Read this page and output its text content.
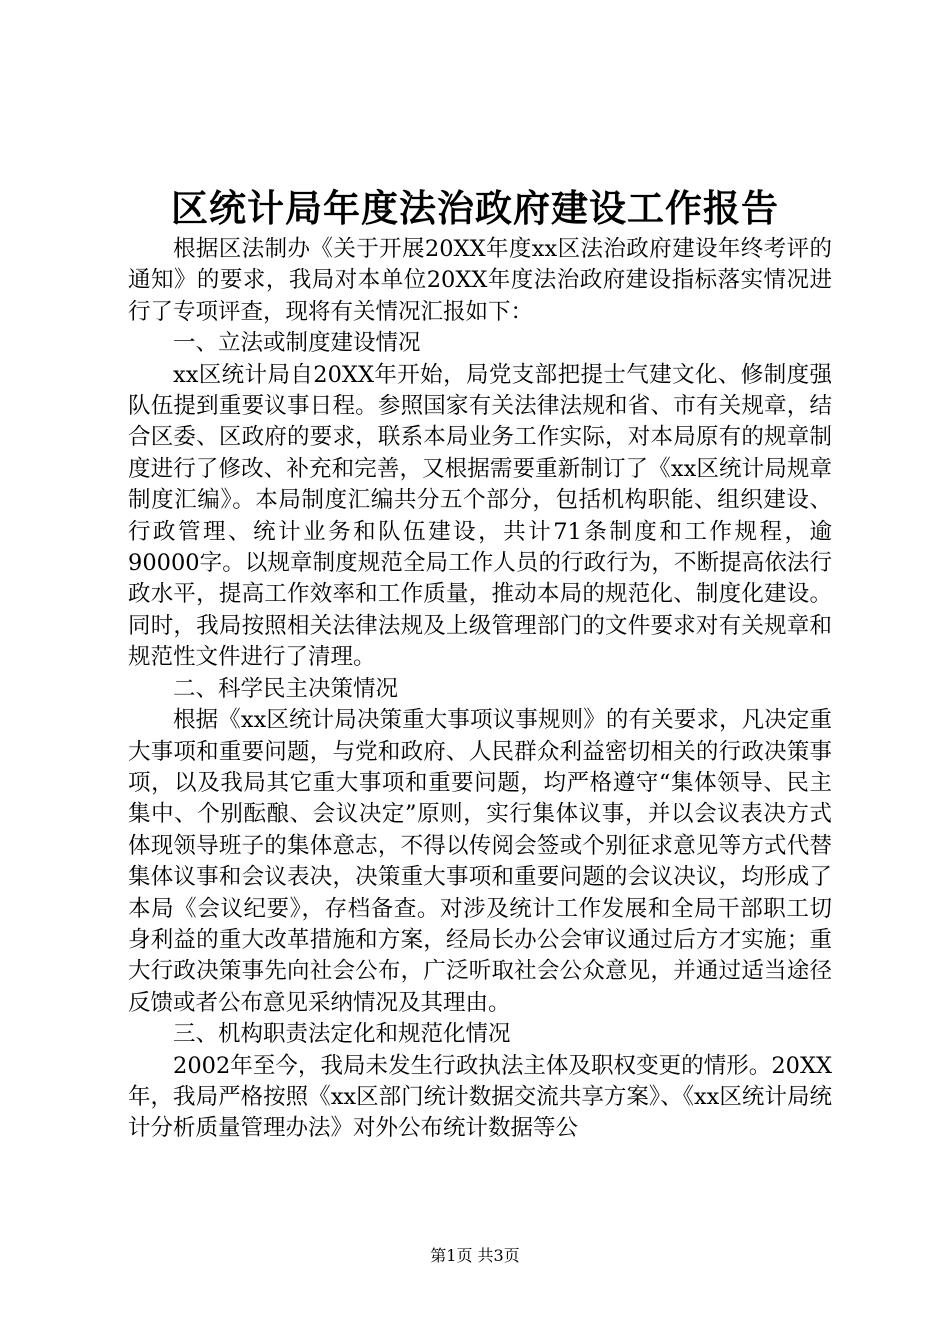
区统计局年度法治政府建设工作报告

根据区法制办《关于开展20XX年度xx区法治政府建设年终考评的通知》的要求，我局对本单位20XX年度法治政府建设指标落实情况进行了专项评查，现将有关情况汇报如下：

一、立法或制度建设情况

xx区统计局自20XX年开始，局党支部把提士气建文化、修制度强队伍提到重要议事日程。参照国家有关法律法规和省、市有关规章，结合区委、区政府的要求，联系本局业务工作实际，对本局原有的规章制度进行了修改、补充和完善，又根据需要重新制订了《xx区统计局规章制度汇编》。本局制度汇编共分五个部分，包括机构职能、组织建设、行政管理、统计业务和队伍建设，共计71条制度和工作规程，逾90000字。以规章制度规范全局工作人员的行政行为，不断提高依法行政水平，提高工作效率和工作质量，推动本局的规范化、制度化建设。同时，我局按照相关法律法规及上级管理部门的文件要求对有关规章和规范性文件进行了清理。

二、科学民主决策情况

根据《xx区统计局决策重大事项议事规则》的有关要求，凡决定重大事项和重要问题，与党和政府、人民群众利益密切相关的行政决策事项，以及我局其它重大事项和重要问题，均严格遵守“集体领导、民主集中、个别酝酿、会议决定”原则，实行集体议事，并以会议表决方式体现领导班子的集体意志，不得以传阅会签或个别征求意见等方式代替集体议事和会议表决，决策重大事项和重要问题的会议决议，均形成了本局《会议纪要》，存档备查。对涉及统计工作发展和全局干部职工切身利益的重大改革措施和方案，经局长办公会审议通过后方才实施；重大行政决策事先向社会公布，广泛听取社会公众意见，并通过适当途径反馈或者公布意见采纳情况及其理由。

三、机构职责法定化和规范化情况

2002年至今，我局未发生行政执法主体及职权变更的情形。20XX年，我局严格按照《xx区部门统计数据交流共享方案》、《xx区统计局统计分析质量管理办法》对外公布统计数据等公

第1页 共3页
